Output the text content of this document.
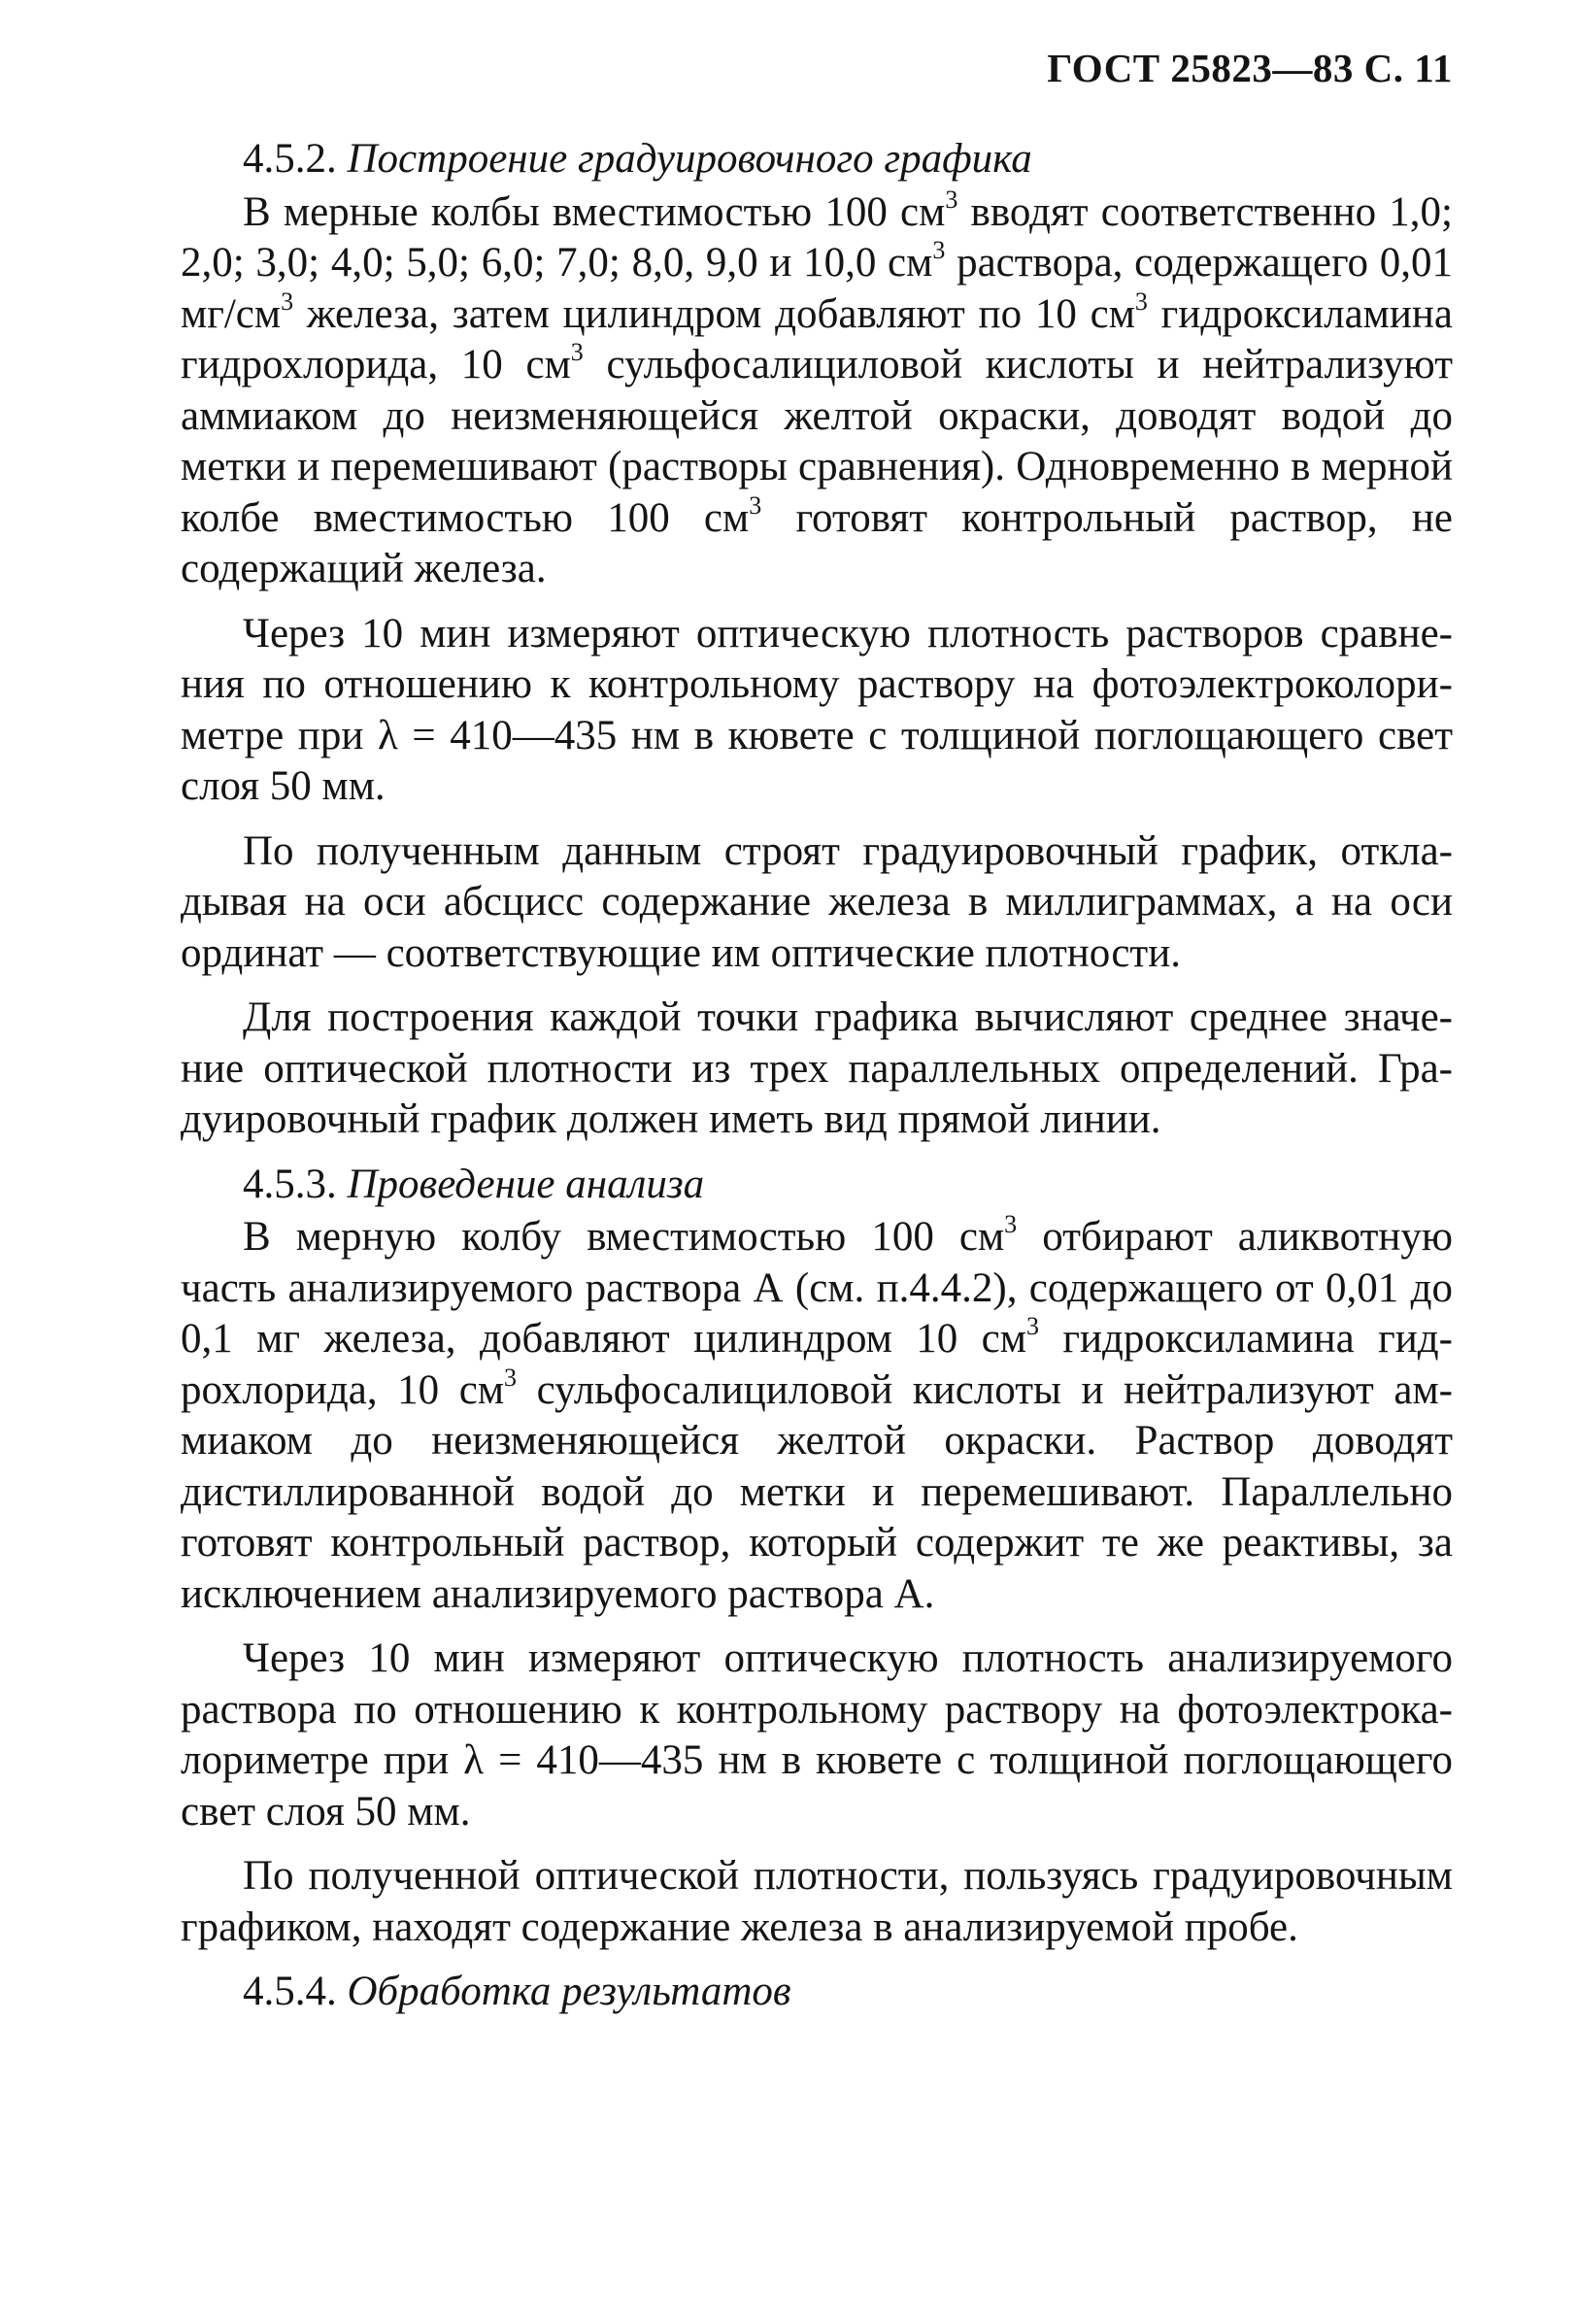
ГОСТ 25823—83 С. 11

4.5.2. Построение градуировочного графика

В мерные колбы вместимостью 100 $см^3$ вводят соответственно 1,0; 2,0; 3,0; 4,0; 5,0; 6,0; 7,0; 8,0, 9,0 и 10,0 $см^3$ раствора, содержащего 0,01 $мг/см^3$ железа, затем цилиндром добавляют по 10 $см^3$ гидроксиламина гидрохлорида, 10 $см^3$ сульфосалициловой кислоты и нейтрализуют аммиаком до неизменяющейся желтой окраски, доводят водой до метки и перемешивают (растворы сравнения). Одновременно в мерной колбе вместимостью 100 $см^3$ готовят контрольный раствор, не содержащий железа.

Через 10 мин измеряют оптическую плотность растворов сравнения по отношению к контрольному раствору на фотоэлектроколориметре при λ = 410—435 нм в кювете с толщиной поглощающего свет слоя 50 мм.

По полученным данным строят градуировочный график, откладывая на оси абсцисс содержание железа в миллиграммах, а на оси ординат — соответствующие им оптические плотности.

Для построения каждой точки графика вычисляют среднее значение оптической плотности из трех параллельных определений. Градуировочный график должен иметь вид прямой линии.

4.5.3. Проведение анализа

В мерную колбу вместимостью 100 $см^3$ отбирают аликвотную часть анализируемого раствора А (см. п.4.4.2), содержащего от 0,01 до 0,1 мг железа, добавляют цилиндром 10 $см^3$ гидроксиламина гидрохлорида, 10 $см^3$ сульфосалициловой кислоты и нейтрализуют аммиаком до неизменяющейся желтой окраски. Раствор доводят дистиллированной водой до метки и перемешивают. Параллельно готовят контрольный раствор, который содержит те же реактивы, за исключением анализируемого раствора А.

Через 10 мин измеряют оптическую плотность анализируемого раствора по отношению к контрольному раствору на фотоэлектрокалориметре при λ = 410—435 нм в кювете с толщиной поглощающего свет слоя 50 мм.

По полученной оптической плотности, пользуясь градуировочным графиком, находят содержание железа в анализируемой пробе.

4.5.4. Обработка результатов
